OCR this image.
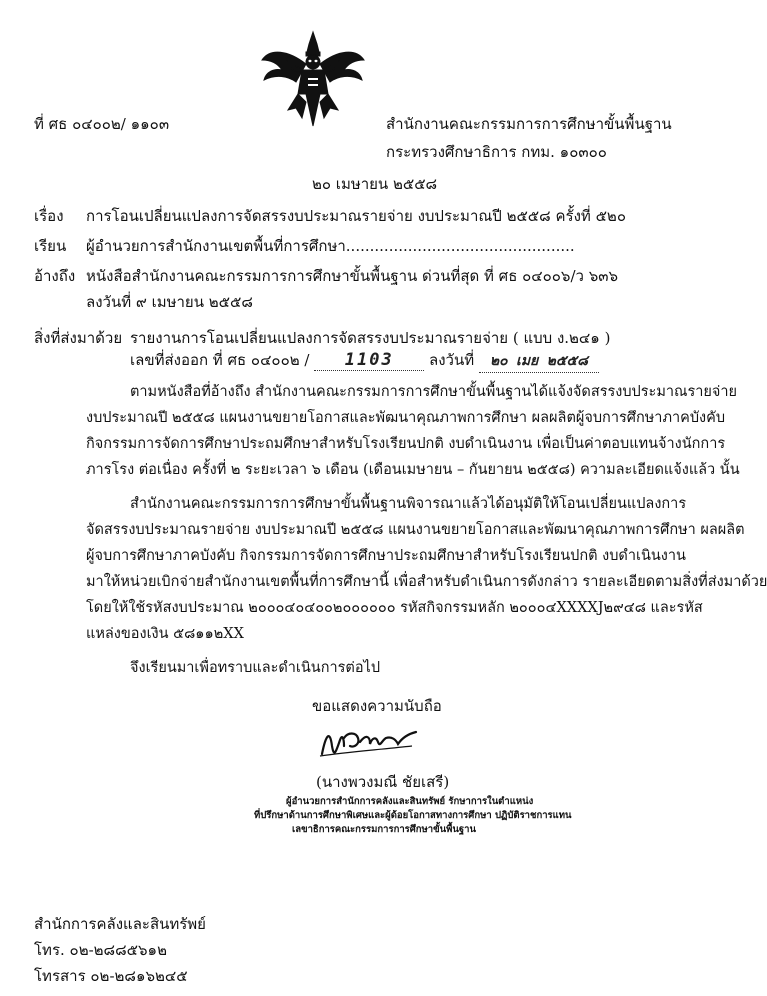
ที่ ศธ ๐๔๐๐๒/ ๑๑๐๓	สำนักงานคณะกรรมการการศึกษาขั้นพื้นฐาน
กระทรวงศึกษาธิการ กทม. ๑๐๓๐๐
๒๐ เมษายน ๒๕๕๘
เรื่อง การโอนเปลี่ยนแปลงการจัดสรรงบประมาณรายจ่าย งบประมาณปี ๒๕๕๘ ครั้งที่ ๕๒๐
เรียน ผู้อำนวยการสำนักงานเขตพื้นที่การศึกษา................................................
อ้างถึง หนังสือสำนักงานคณะกรรมการการศึกษาขั้นพื้นฐาน ด่วนที่สุด ที่ ศธ ๐๔๐๐๖/ว ๖๓๖
ลงวันที่ ๙ เมษายน ๒๕๕๘
สิ่งที่ส่งมาด้วย รายงานการโอนเปลี่ยนแปลงการจัดสรรงบประมาณรายจ่าย ( แบบ ง.๒๔๑ )
เลขที่ส่งออก ที่ ศธ ๐๔๐๐๒ / 1103 ลงวันที่ ๒๐ เมย ๒๕๕๘
ตามหนังสือที่อ้างถึง สำนักงานคณะกรรมการการศึกษาขั้นพื้นฐานได้แจ้งจัดสรรงบประมาณรายจ่าย
งบประมาณปี ๒๕๕๘ แผนงานขยายโอกาสและพัฒนาคุณภาพการศึกษา ผลผลิตผู้จบการศึกษาภาคบังคับ
กิจกรรมการจัดการศึกษาประถมศึกษาสำหรับโรงเรียนปกติ งบดำเนินงาน เพื่อเป็นค่าตอบแทนจ้างนักการ
ภารโรง ต่อเนื่อง ครั้งที่ ๒ ระยะเวลา ๖ เดือน (เดือนเมษายน – กันยายน ๒๕๕๘) ความละเอียดแจ้งแล้ว นั้น
สำนักงานคณะกรรมการการศึกษาขั้นพื้นฐานพิจารณาแล้วได้อนุมัติให้โอนเปลี่ยนแปลงการ
จัดสรรงบประมาณรายจ่าย งบประมาณปี ๒๕๕๘ แผนงานขยายโอกาสและพัฒนาคุณภาพการศึกษา ผลผลิต
ผู้จบการศึกษาภาคบังคับ กิจกรรมการจัดการศึกษาประถมศึกษาสำหรับโรงเรียนปกติ งบดำเนินงาน
มาให้หน่วยเบิกจ่ายสำนักงานเขตพื้นที่การศึกษานี้ เพื่อสำหรับดำเนินการดังกล่าว รายละเอียดตามสิ่งที่ส่งมาด้วย
โดยให้ใช้รหัสงบประมาณ ๒๐๐๐๔๐๔๐๐๒๐๐๐๐๐๐ รหัสกิจกรรมหลัก ๒๐๐๐๔XXXXJ๒๙๔๘ และรหัส
แหล่งของเงิน ๕๘๑๑๒XX
จึงเรียนมาเพื่อทราบและดำเนินการต่อไป
ขอแสดงความนับถือ
(นางพวงมณี ชัยเสรี)
ผู้อำนวยการสำนักการคลังและสินทรัพย์ รักษาการในตำแหน่ง
ที่ปรึกษาด้านการศึกษาพิเศษและผู้ด้อยโอกาสทางการศึกษา ปฏิบัติราชการแทน
เลขาธิการคณะกรรมการการศึกษาขั้นพื้นฐาน
สำนักการคลังและสินทรัพย์
โทร. ๐๒-๒๘๘๕๖๑๒
โทรสาร ๐๒-๒๘๑๖๒๔๕
